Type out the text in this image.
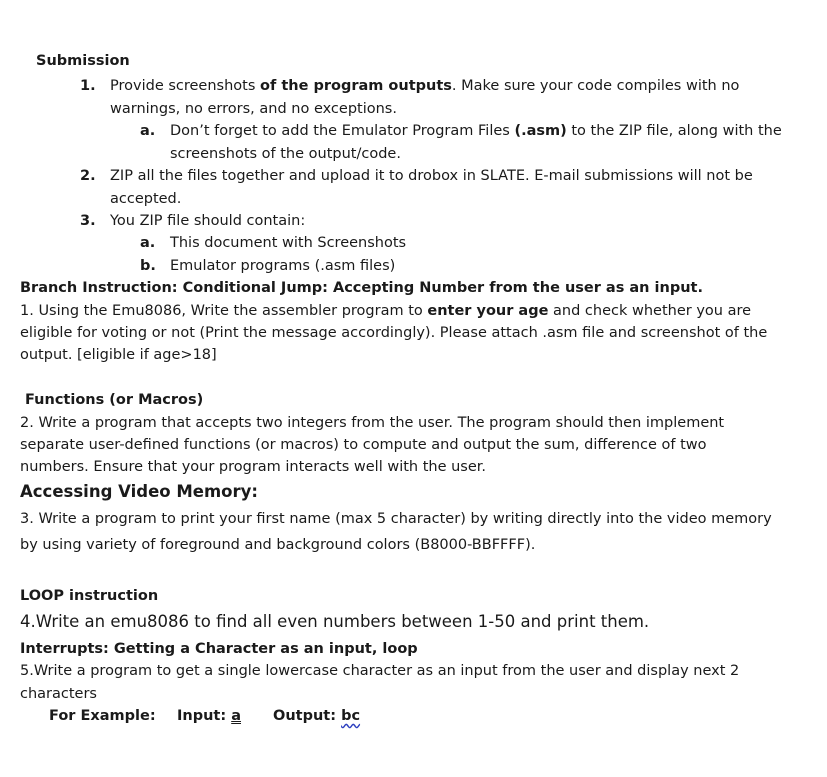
Submission
1. Provide screenshots of the program outputs. Make sure your code compiles with no
warnings, no errors, and no exceptions.
a. Don’t forget to add the Emulator Program Files (.asm) to the ZIP file, along with the
screenshots of the output/code.
2. ZIP all the files together and upload it to drobox in SLATE. E-mail submissions will not be
accepted.
3. You ZIP file should contain:
a. This document with Screenshots
b. Emulator programs (.asm files)
Branch Instruction: Conditional Jump: Accepting Number from the user as an input.
1. Using the Emu8086, Write the assembler program to enter your age and check whether you are
eligible for voting or not (Print the message accordingly). Please attach .asm file and screenshot of the
output. [eligible if age>18]
Functions (or Macros)
2. Write a program that accepts two integers from the user. The program should then implement
separate user-defined functions (or macros) to compute and output the sum, difference of two
numbers. Ensure that your program interacts well with the user.
Accessing Video Memory:
3. Write a program to print your first name (max 5 character) by writing directly into the video memory
by using variety of foreground and background colors (B8000-BBFFFF).
LOOP instruction
4.Write an emu8086 to find all even numbers between 1-50 and print them.
Interrupts: Getting a Character as an input, loop
5.Write a program to get a single lowercase character as an input from the user and display next 2
characters
For Example: Input: a Output: bc
